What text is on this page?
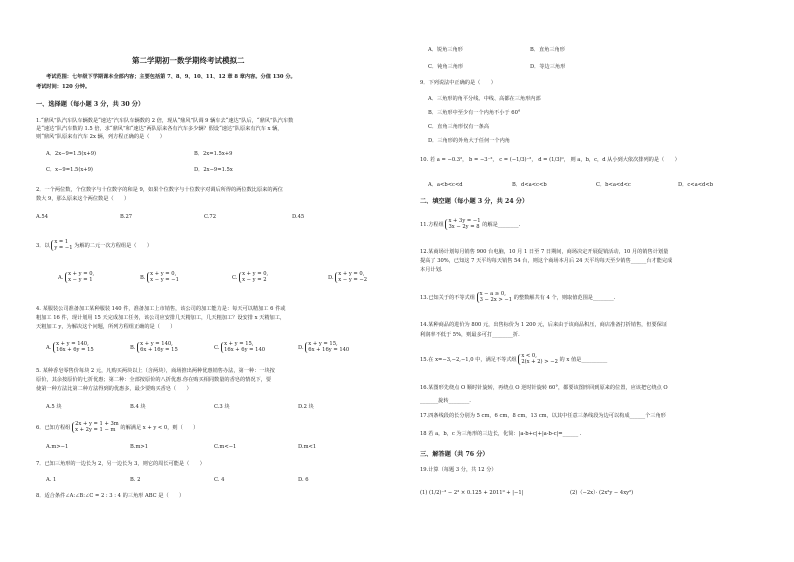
第二学期初一数学期终考试模拟二
考试范围：七年级下学期课本全部内容；主要包括第 7、8、9、10、11、12 章 8 章内容。分值 130 分。
考试时间：120 分钟。
一、选择题（每小题 3 分，共 30 分）
1.“鼎风”队汽车队车辆数是“速达”汽车队车辆数的 2 倍，现从“鼎风”队调 9 辆车去“速达”队后，“鼎风”队汽车数
是“速达”队汽车数的 1.5 倍，求“鼎风”和“速达”两队原来各有汽车多少辆？假设“速达”队原来有汽车 x 辆，
则“鼎风”队原来有汽车 2x 辆，列方程正确的是（　　）
A．2x−9=1.5(x+9)	B．2x=1.5x+9
C．x−9=1.5(x+9)	D．2x−9=1.5x
2．一个两位数，个位数字与十位数字的和是 9，如果个位数字与十位数字对调后所得的两位数比原来的两位
数大 9，那么原来这个两位数是（　　）
A.54	B.27	C.72	D.45
3．以 x = 1
y = −1 为解的二元一次方程组是（　　）
A. x + y = 0,
x − y = 1	B. x + y = 0,
x − y = −1	C. x + y = 0,
x − y = 2	D. x + y = 0,
x − y = −2
4. 某服装公司准备加工某种服装 140 件，准备加工上市销售，该公司的加工能力是：每天可以精加工 6 件或
粗加工 16 件，现计划用 15 天完成加工任务，该公司应安排几天精加工，几天粗加工？设安排 x 天精加工，
天粗加工 y，为解决这个问题，所列方程组正确的是（　　）
A. x + y = 140,
16x + 6y = 15	B. x + y = 140,
6x + 16y = 15	C. x + y = 15,
16x + 6y = 140	D. x + y = 15,
6x + 16y = 140
5. 某种香皂零售价每块 2 元，凡购买两块以上（含两块），商场推出两种优惠销售办法，第一种：一块按
原价，其余按原价的七折优惠；第二种：全部按原价的八折优惠.你在购买相同数量的香皂的情况下，要
使第一种方法比第二种方法得到的优惠多，最少要购买香皂（　　）
A.5 块	B.4 块	C.3 块	D.2 块
6．已知方程组 2x + y = 1 + 3m
x + 2y = 1 − m 的解满足 x + y < 0，则（　　）
A.m>−1	B.m>1	C.m<−1	D.m<1
7．已知三角形的一边长为 2，另一边长为 3，则它的周长可能是（　　）
A. 1	B. 2	C. 4	D. 6
8．适合条件∠A:∠B:∠C = 2 : 3 : 4 的三角形 ABC 是（　　）
A．锐角三角形	B．直角三角形
C．钝角三角形	D．等边三角形
9．下列说法中正确的是（　　）
A．三角形的角平分线、中线、高都在三角形内部
B．三角形中至少有一个内角不小于 60°
C．直角三角形仅有一条高
D．三角形的外角大于任何一个内角
10. 若 a = −0.3²， b = −3⁻²， c = (−1/3)⁻²， d = (1/3)⁰， 则 a，b，c，d 从小到大依次排列的是（　　）
A．a<b<c<d	B．d<a<c<b	C．b<a<d<c	D．c<a<d<b
二、填空题（每小题 3 分，共 24 分）
11.方程组 x + 3y = −1
3x − 2y = 8 的解是________.
12.某商场计划每月销售 900 台电脑，10 月 1 日至 7 日期间，商场决定开展促销活动，10 月的销售计划量
提高了 30%，已知这 7 天平均每天销售 54 台，则这个商场本月后 24 天平均每天至少销售______台才能完成
本月计划.
13.已知关于的不等式组 x − a ≥ 0,
3 − 2x > −1 的整数解共有 4 个，则取值范围是________.
14.某种商品的进价为 800 元，出售标价为 1 200 元，后来由于该商品积压，商店准备打折销售，但要保证
利润率不低于 5%，则最多可打________折.
15.在 x=−3,−2,−1,0 中，满足不等式组 x < 0,
2(x + 2) > −2 的 x 值是__________
16.某图形先绕点 O 顺时针旋转，再绕点 O 逆时针旋转 60°，都要该图形回到原来的位置，应该把它绕点 O
_______旋转________.
17.四条线段的长分别为 5 cm，6 cm，8 cm，13 cm，以其中任意三条线段为边可以构成______个三角形
18 若 a，b，c 为三角形的三边长，化简：|a-b+c|+|a-b-c|=______ .
三、解答题（共 76 分）
19.计算（每题 3 分，共 12 分）
(1) (1/2)⁻³ − 2³ × 0.125 + 2011⁰ + |−1|	(2)（−2x）· (2x²y − 4xy²)
